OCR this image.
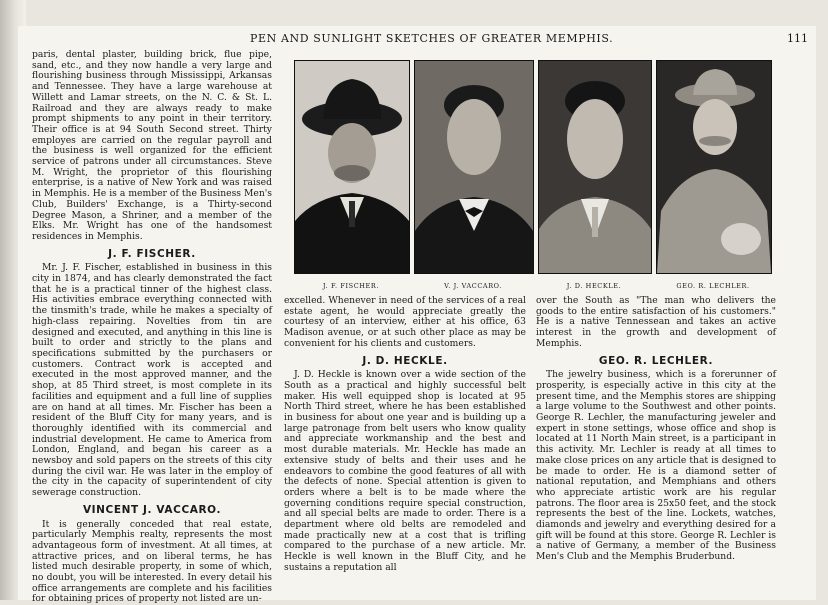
PEN AND SUNLIGHT SKETCHES OF GREATER MEMPHIS.	111
J. F. FISCHER.	V. J. VACCARO.	J. D. HECKLE.	GEO. R. LECHLER.

paris, dental plaster, building brick, flue pipe, sand, etc., and they now handle a very large and flourishing business through Mississippi, Arkansas and Tennessee. They have a large warehouse at Willett and Lamar streets, on the N. C. & St. L. Railroad and they are always ready to make prompt shipments to any point in their territory. Their office is at 94 South Second street. Thirty employes are carried on the regular payroll and the business is well organized for the efficient service of patrons under all circumstances. Steve M. Wright, the proprietor of this flourishing enterprise, is a native of New York and was raised in Memphis. He is a member of the Business Men's Club, Builders' Exchange, is a Thirty-second Degree Mason, a Shriner, and a member of the Elks. Mr. Wright has one of the handsomest residences in Memphis.

J. F. FISCHER.

Mr. J. F. Fischer, established in business in this city in 1874, and has clearly demonstrated the fact that he is a practical tinner of the highest class. His activities embrace everything connected with the tinsmith's trade, while he makes a specialty of high-class repairing. Novelties from tin are designed and executed, and anything in this line is built to order and strictly to the plans and specifications submitted by the purchasers or customers. Contract work is accepted and executed in the most approved manner, and the shop, at 85 Third street, is most complete in its facilities and equipment and a full line of supplies are on hand at all times. Mr. Fischer has been a resident of the Bluff City for many years, and is thoroughly identified with its commercial and industrial development. He came to America from London, England, and began his career as a newsboy and sold papers on the streets of this city during the civil war. He was later in the employ of the city in the capacity of superintendent of city sewerage construction.

VINCENT J. VACCARO.

It is generally conceded that real estate, particularly Memphis realty, represents the most advantageous form of investment. At all times, at attractive prices, and on liberal terms, he has listed much desirable property, in some of which, no doubt, you will be interested. In every detail his office arrangements are complete and his facilities for obtaining prices of property not listed are un-

excelled. Whenever in need of the services of a real estate agent, he would appreciate greatly the courtesy of an interview, either at his office, 63 Madison avenue, or at such other place as may be convenient for his clients and customers.

J. D. HECKLE.

J. D. Heckle is known over a wide section of the South as a practical and highly successful belt maker. His well equipped shop is located at 95 North Third street, where he has been established in business for about one year and is building up a large patronage from belt users who know quality and appreciate workmanship and the best and most durable materials. Mr. Heckle has made an extensive study of belts and their uses and he endeavors to combine the good features of all with the defects of none. Special attention is given to orders where a belt is to be made where the governing conditions require special construction, and all special belts are made to order. There is a department where old belts are remodeled and made practically new at a cost that is trifling compared to the purchase of a new article. Mr. Heckle is well known in the Bluff City, and he sustains a reputation all

over the South as "The man who delivers the goods to the entire satisfaction of his customers." He is a native Tennessean and takes an active interest in the growth and development of Memphis.

GEO. R. LECHLER.

The jewelry business, which is a forerunner of prosperity, is especially active in this city at the present time, and the Memphis stores are shipping a large volume to the Southwest and other points. George R. Lechler, the manufacturing jeweler and expert in stone settings, whose office and shop is located at 11 North Main street, is a participant in this activity. Mr. Lechler is ready at all times to make close prices on any article that is designed to be made to order. He is a diamond setter of national reputation, and Memphians and others who appreciate artistic work are his regular patrons. The floor area is 25x50 feet, and the stock represents the best of the line. Lockets, watches, diamonds and jewelry and everything desired for a gift will be found at this store. George R. Lechler is a native of Germany, a member of the Business Men's Club and the Memphis Bruderbund.
